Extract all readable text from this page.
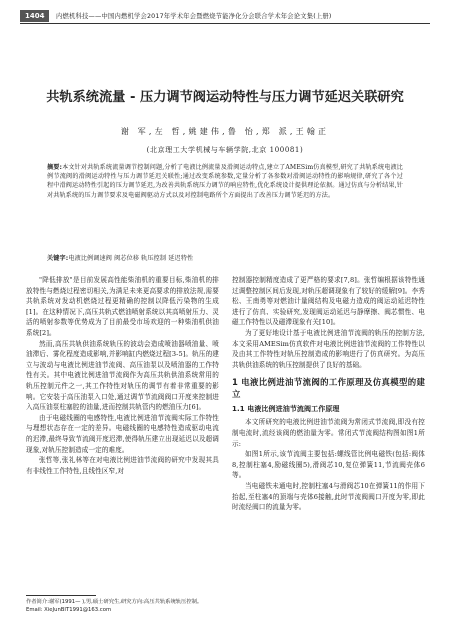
1404	内燃机科技——中国内燃机学会2017年学术年会暨燃烧节能净化分会联合学术年会论文集(上册)
共轨系统流量 - 压力调节阀运动特性与压力调节延迟关联研究
谢 军,左 哲,姚建伟,鲁 怡,郑 派,王翰正
(北京理工大学机械与车辆学院,北京 100081)
摘要:本文针对共轨系统流量调节控制问题,分析了电液比例流量及滑阀运动特点,建立了AMESim仿真模型,研究了共轨系统电液比例节流阀的滑阀运动特性与压力调节延迟关联性;通过改变系统参数,定量分析了各参数对滑阀运动特性的影响规律,研究了各个过程中滑阀运动特性引起的压力调节延迟,为改善共轨系统压力调节的响应特性,优化系统设计提供理论依据。通过仿真与分析结果,针对共轨系统的压力调节要求及电磁阀驱动方式以及对控制电路所个方面提出了改善压力调节延迟的方法。
关键字:电液比例调速阀 阀芯位移 轨压控制 延迟特性

"降低排放"是目前发展高性能柴油机的重要目标,柴油机的排放特性与燃烧过程密切相关,为满足未来更高要求的排放法规,需要共轨系统对发动机燃烧过程更精确的控制以降低污染物的生成[1]。在这种情况下,高压共轨式燃油喷射系统以其高喷射压力、灵活的喷射参数等优势成为了目前最受市场欢迎的一种柴油机供油系统[2]。

然而,高压共轨供油系统轨压的波动会造成喷油器喷油量、喷油滞后、雾化程度造成影响,并影响缸内燃烧过程[3-5]。轨压的建立与波动与电液比例进油节流阀、高压油泵以及喷油器的工作特性有关。其中电液比例进油节流阀作为高压共轨供油系统常用的轨压控制元件之一,其工作特性对轨压的调节有着非常重要的影响。它安装于高压油泵入口处,通过调节节流阀阀口开度来控制进入高压油泵柱塞腔的油量,进而控制共轨管内的燃油压力[6]。

由于电磁线圈的电感特性,电液比例进油节流阀实际工作特性与理想状态存在一定的差异。电磁线圈的电感特性造成驱动电流的迟滞,最终导致节流阀开度迟滞,使得轨压建立出现延迟以及超调现象,对轨压控制造成一定的难度。

张哲等,张礼林等在对电液比例进油节流阀的研究中发现其具有非线性工作特性,且线性区窄,对

控制器控制精度造成了更严格的要求[7,8]。张哲编根据该特性通过调整控制区间后发现,对轨压超调现象有了较好的缓解[9]。李秀松、王南勇等对燃油计量阀结构及电磁力造成的阀运动延迟特性进行了仿真、实验研究,发现阀运动延迟与静摩擦、阀芯惯性、电磁工作特性以及磁滞现象有关[10]。

为了更好地设计基于电液比例进油节流阀的轨压的控制方法,本文采用AMESim仿真软件对电液比例进油节流阀的工作特性以及由其工作特性对轨压控制造成的影响进行了仿真研究。为高压共轨供油系统的轨压控制提供了良好的基础。

1 电液比例进油节流阀的工作原理及仿真模型的建立
1.1 电液比例进油节流阀工作原理

本文所研究的电液比例进油节流阀为常闭式节流阀,即没有控制电流时,流经该阀的燃油量为零。常闭式节流阀结构图如图1所示:

如图1所示,该节流阀主要包括:螺线管比例电磁铁(包括:阀体8,控制柱塞4,励磁线圈5),滑阀芯10,复位弹簧11,节流阀壳体6等。

当电磁铁未通电时,控制柱塞4与滑阀芯10在弹簧11的作用下抬起,至柱塞4的顶端与壳体6接触,此时节流阀阀口开度为零,即此时流经阀口的流量为零。

作者简介:谢军(1991— ),男,硕士研究生,研究方向:高压共轨系统轨压控制。
Email: XieJunBIT1991@163.com
